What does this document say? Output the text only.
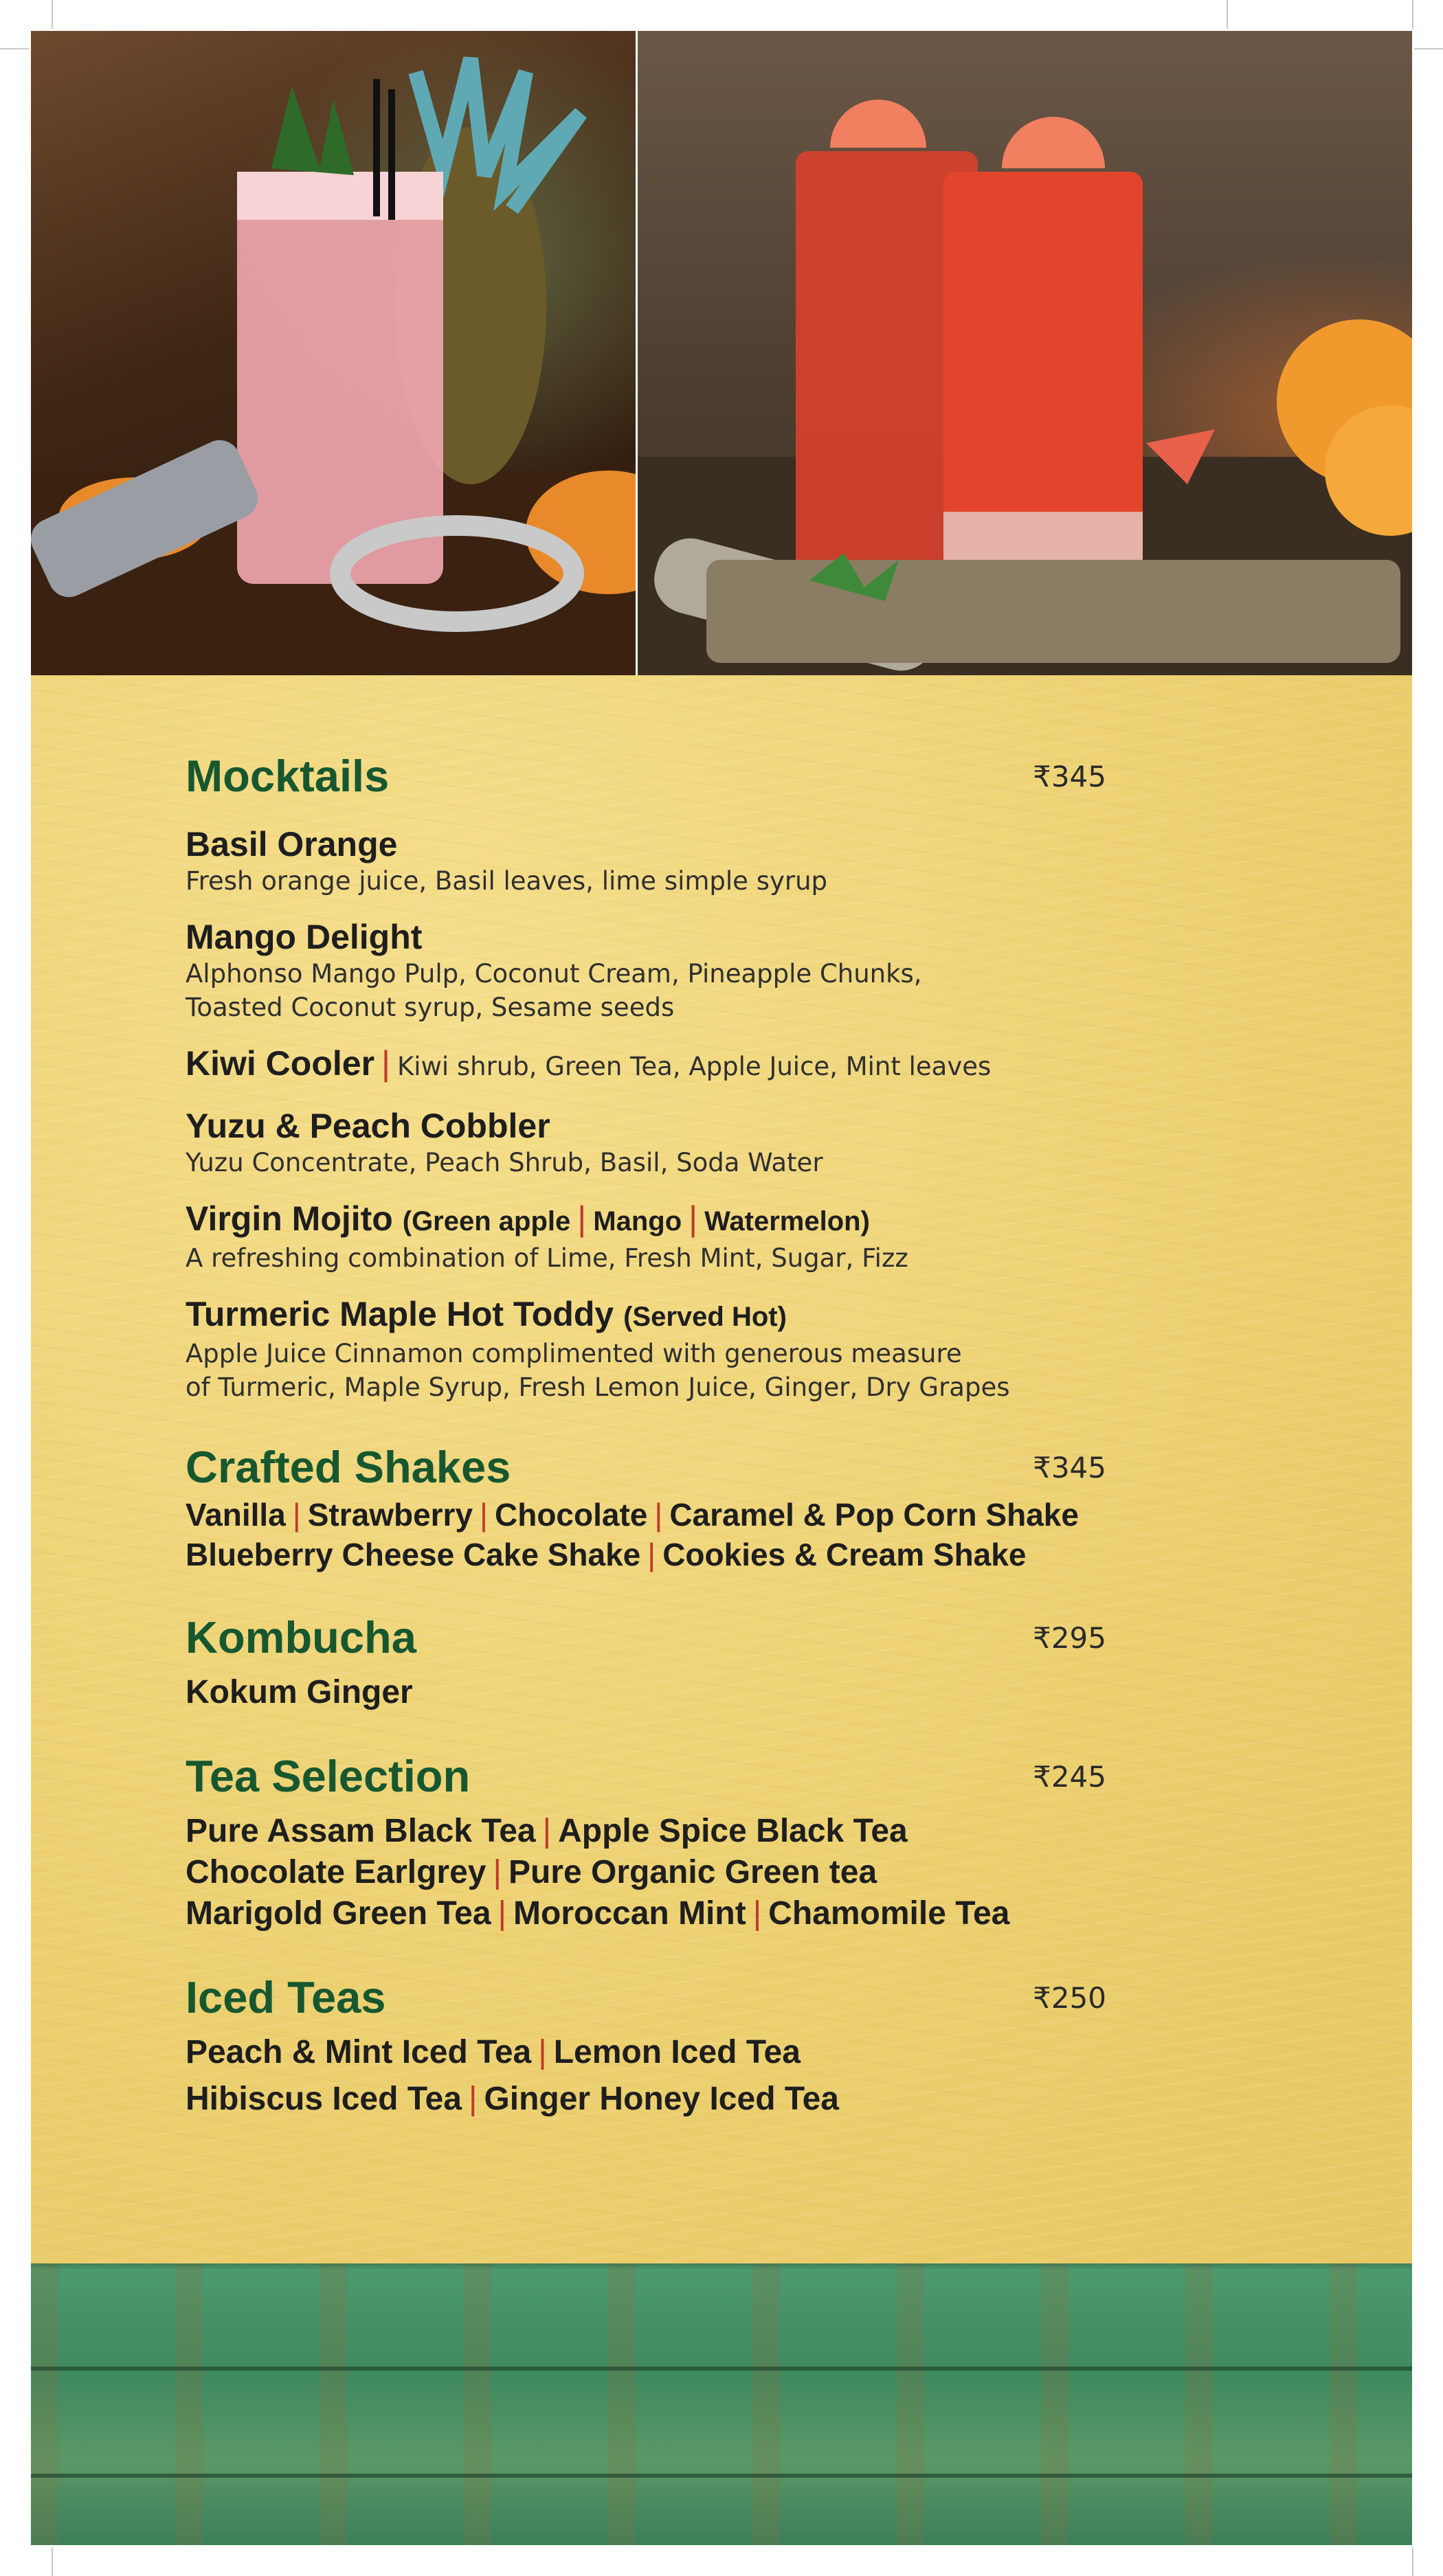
Mocktails	₹345
Basil Orange
Fresh orange juice, Basil leaves, lime simple syrup
Mango Delight
Alphonso Mango Pulp, Coconut Cream, Pineapple Chunks,
Toasted Coconut syrup, Sesame seeds
Kiwi Cooler | Kiwi shrub, Green Tea, Apple Juice, Mint leaves
Yuzu & Peach Cobbler
Yuzu Concentrate, Peach Shrub, Basil, Soda Water
Virgin Mojito (Green apple | Mango | Watermelon)
A refreshing combination of Lime, Fresh Mint, Sugar, Fizz
Turmeric Maple Hot Toddy (Served Hot)
Apple Juice Cinnamon complimented with generous measure
of Turmeric, Maple Syrup, Fresh Lemon Juice, Ginger, Dry Grapes
Crafted Shakes	₹345
Vanilla | Strawberry | Chocolate | Caramel & Pop Corn Shake
Blueberry Cheese Cake Shake | Cookies & Cream Shake
Kombucha	₹295
Kokum Ginger
Tea Selection	₹245
Pure Assam Black Tea | Apple Spice Black Tea
Chocolate Earlgrey | Pure Organic Green tea
Marigold Green Tea | Moroccan Mint | Chamomile Tea
Iced Teas	₹250
Peach & Mint Iced Tea | Lemon Iced Tea
Hibiscus Iced Tea | Ginger Honey Iced Tea
